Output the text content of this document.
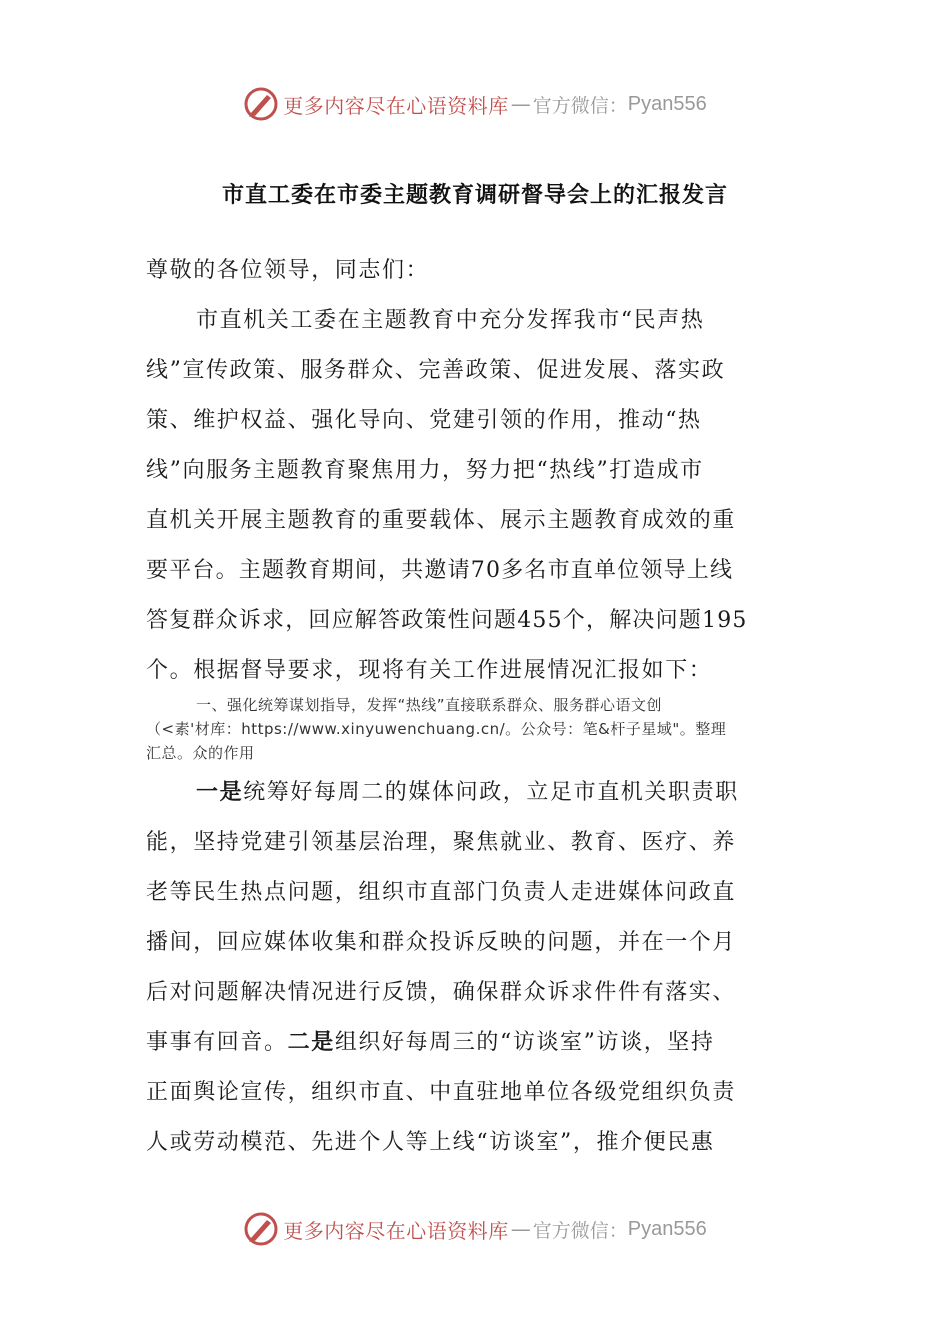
更多内容尽在心语资料库 — 官方微信： Pyan556
市直工委在市委主题教育调研督导会上的汇报发言
尊敬的各位领导，同志们：
市直机关工委在主题教育中充分发挥我市“民声热
线”宣传政策、服务群众、完善政策、促进发展、落实政
策、维护权益、强化导向、党建引领的作用，推动“热
线”向服务主题教育聚焦用力，努力把“热线”打造成市
直机关开展主题教育的重要载体、展示主题教育成效的重
要平台。主题教育期间，共邀请70多名市直单位领导上线
答复群众诉求，回应解答政策性问题455个，解决问题195
个。根据督导要求，现将有关工作进展情况汇报如下：
一、强化统筹谋划指导，发挥“热线”直接联系群众、服务群心语文创
（<素'材库：https://www.xinyuwenchuang.cn/。公众号：笔&杆子星域"。整理
汇总。众的作用
一是统筹好每周二的媒体问政，立足市直机关职责职
能，坚持党建引领基层治理，聚焦就业、教育、医疗、养
老等民生热点问题，组织市直部门负责人走进媒体问政直
播间，回应媒体收集和群众投诉反映的问题，并在一个月
后对问题解决情况进行反馈，确保群众诉求件件有落实、
事事有回音。二是组织好每周三的“访谈室”访谈，坚持
正面舆论宣传，组织市直、中直驻地单位各级党组织负责
人或劳动模范、先进个人等上线“访谈室”，推介便民惠
更多内容尽在心语资料库 — 官方微信： Pyan556
